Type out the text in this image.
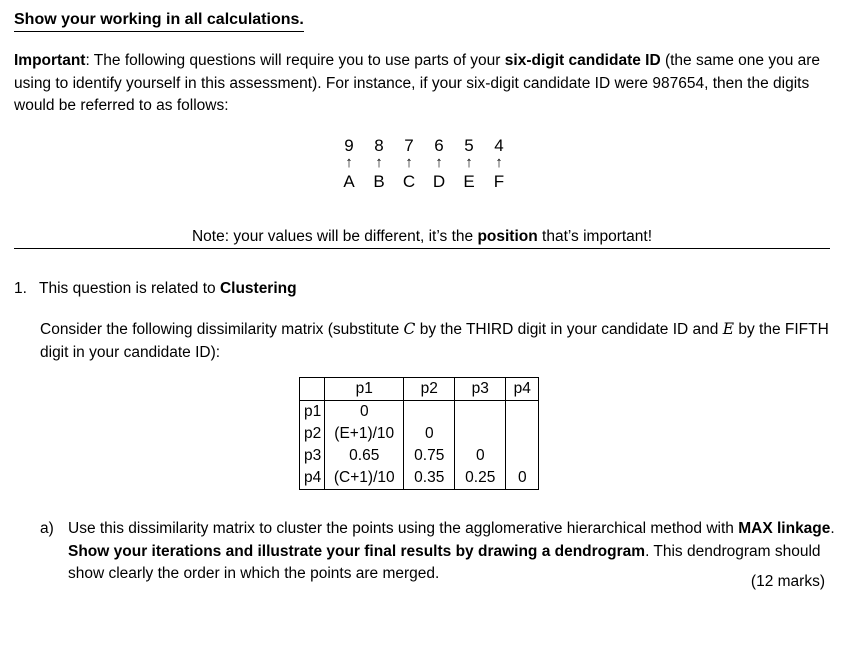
Show your working in all calculations.
Important: The following questions will require you to use parts of your six-digit candidate ID (the same one you are using to identify yourself in this assessment). For instance, if your six-digit candidate ID were 987654, then the digits would be referred to as follows:
9	8	7	6	5	4
↑	↑	↑	↑	↑	↑
A	B	C	D	E	F
Note: your values will be different, it’s the position that’s important!
1. This question is related to Clustering
Consider the following dissimilarity matrix (substitute C by the THIRD digit in your candidate ID and E by the FIFTH digit in your candidate ID):
	p1	p2	p3	p4
p1	0			
p2	(E+1)/10	0		
p3	0.65	0.75	0	
p4	(C+1)/10	0.35	0.25	0
a) Use this dissimilarity matrix to cluster the points using the agglomerative hierarchical method with MAX linkage. Show your iterations and illustrate your final results by drawing a dendrogram. This dendrogram should show clearly the order in which the points are merged.	(12 marks)
